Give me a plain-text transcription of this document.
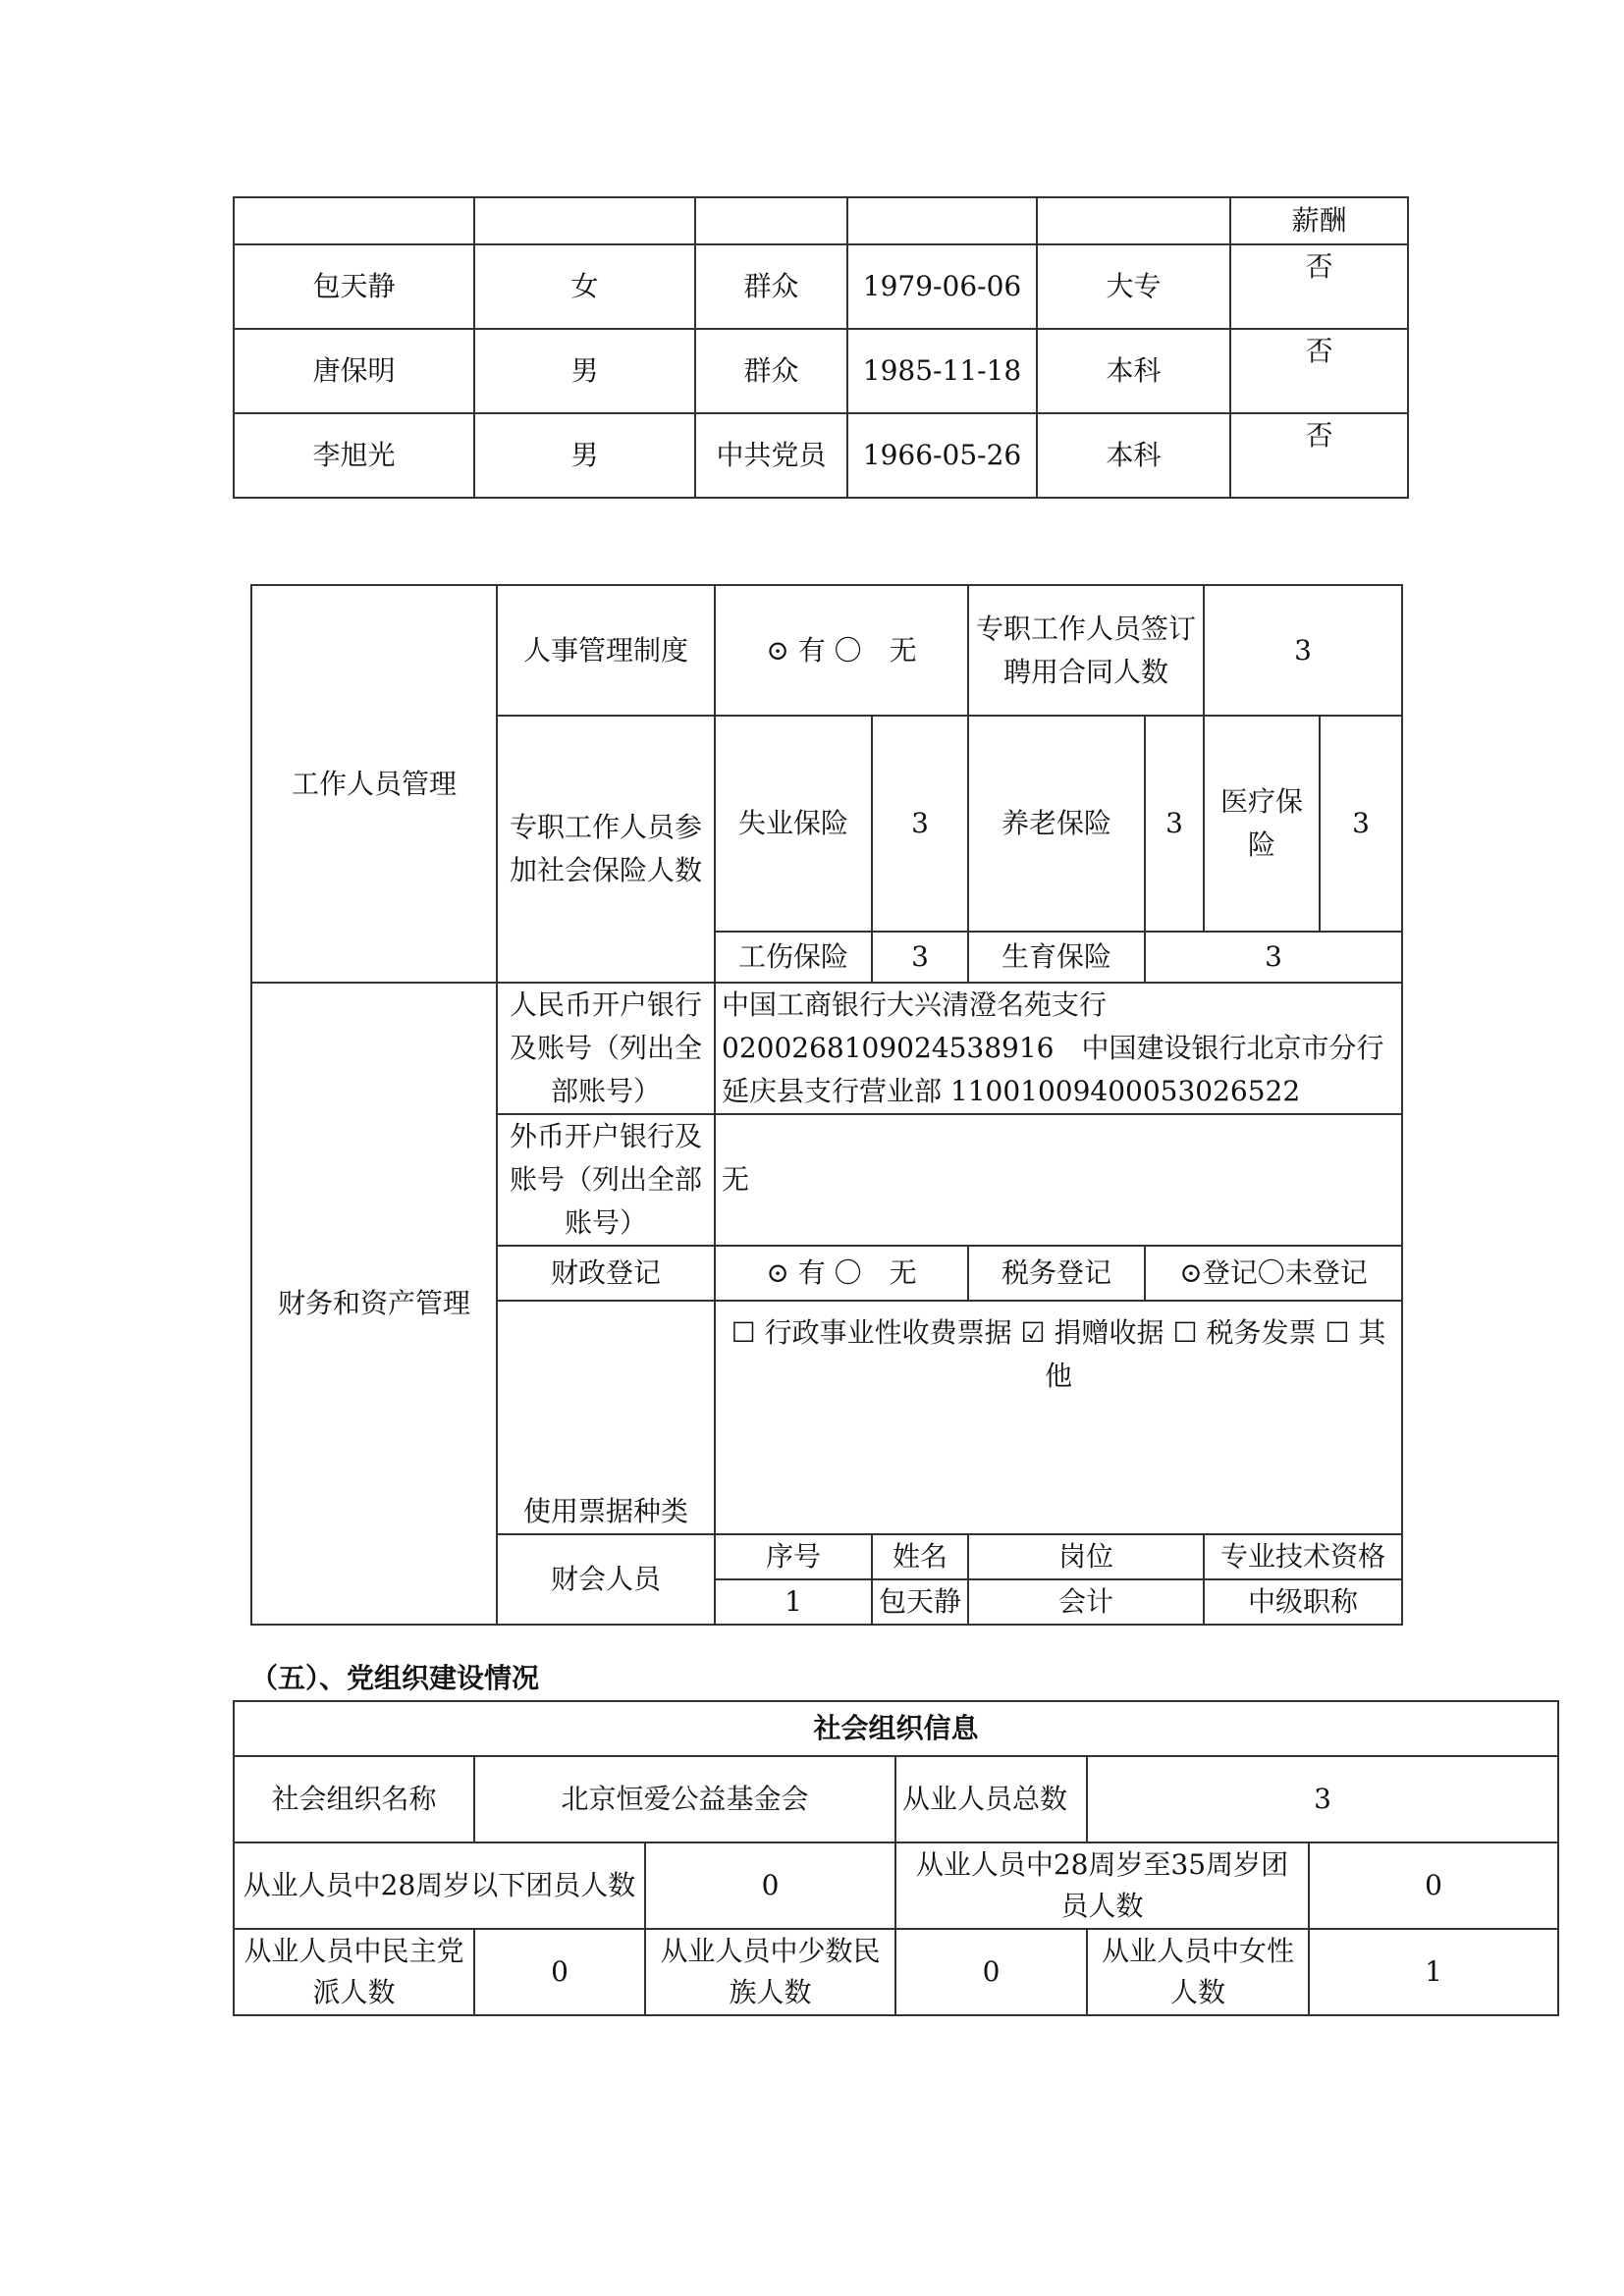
					薪酬
包天静	女	群众	1979-06-06	大专	否
唐保明	男	群众	1985-11-18	本科	否
李旭光	男	中共党员	1966-05-26	本科	否
工作人员管理	人事管理制度	⊙ 有 〇　无		专职工作人员签订聘用合同人数		3	
	专职工作人员参加社会保险人数	失业保险	3	养老保险	3	医疗保险	3
		工伤保险	3	生育保险	3		
财务和资产管理	人民币开户银行及账号（列出全部账号）	中国工商银行大兴清澄名苑支行 0200268109024538916　中国建设银行北京市分行延庆县支行营业部 11001009400053026522					
	外币开户银行及账号（列出全部账号）	无					
	财政登记	⊙ 有 〇　无		税务登记	⊙登记〇未登记		
	使用票据种类	☐ 行政事业性收费票据 ☑ 捐赠收据 ☐ 税务发票 ☐ 其他					
	财会人员	序号	姓名	岗位		专业技术资格	
		1	包天静	会计		中级职称	
（五）、党组织建设情况
社会组织信息					
社会组织名称	北京恒爱公益基金会		从业人员总数	3	
从业人员中28周岁以下团员人数		0	从业人员中28周岁至35周岁团员人数		0
从业人员中民主党派人数	0	从业人员中少数民族人数	0	从业人员中女性人数	1
